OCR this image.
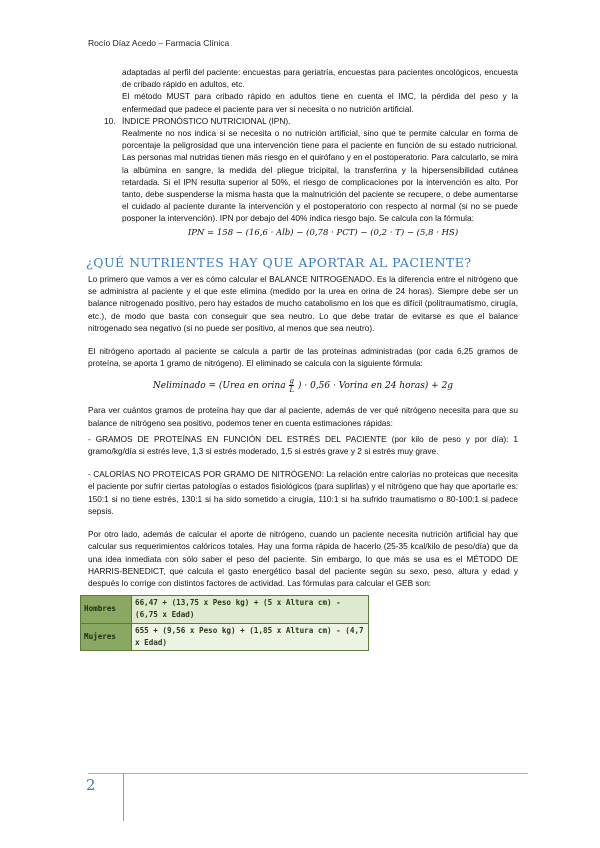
Rocío Díaz Acedo – Farmacia Clínica

adaptadas al perfil del paciente: encuestas para geriatría, encuestas para pacientes oncológicos, encuesta de cribado rápido en adultos, etc.

El método MUST para cribado rápido en adultos tiene en cuenta el IMC, la pérdida del peso y la enfermedad que padece el paciente para ver si necesita o no nutrición artificial.

10. ÍNDICE PRONÓSTICO NUTRICIONAL (IPN).

Realmente no nos indica si se necesita o no nutrición artificial, sino que te permite calcular en forma de porcentaje la peligrosidad que una intervención tiene para el paciente en función de su estado nutricional. Las personas mal nutridas tienen más riesgo en el quirófano y en el postoperatorio. Para calcularlo, se mira la albúmina en sangre, la medida del pliegue tricipital, la transferrina y la hipersensibilidad cutánea retardada. Si el IPN resulta superior al 50%, el riesgo de complicaciones por la intervención es alto. Por tanto, debe suspenderse la misma hasta que la malnutrición del paciente se recupere, o debe aumentarse el cuidado al paciente durante la intervención y el postoperatorio con respecto al normal (si no se puede posponer la intervención). IPN por debajo del 40% indica riesgo bajo. Se calcula con la fórmula:

IPN = 158 − (16,6 · Alb) − (0,78 · PCT) − (0,2 · T) − (5,8 · HS)
¿QUÉ NUTRIENTES HAY QUE APORTAR AL PACIENTE?

Lo primero que vamos a ver es cómo calcular el BALANCE NITROGENADO. Es la diferencia entre el nitrógeno que se administra al paciente y el que este elimina (medido por la urea en orina de 24 horas). Siempre debe ser un balance nitrogenado positivo, pero hay estados de mucho catabolismo en los que es difícil (politraumatismo, cirugía, etc.), de modo que basta con conseguir que sea neutro. Lo que debe tratar de evitarse es que el balance nitrogenado sea negativo (si no puede ser positivo, al menos que sea neutro).

El nitrógeno aportado al paciente se calcula a partir de las proteínas administradas (por cada 6,25 gramos de proteína, se aporta 1 gramo de nitrógeno). El eliminado se calcula con la siguiente fórmula:

Neliminado = (Urea en orina $\frac{g}{L}$ ) · 0,56 · Vorina en 24 horas) + 2g

Para ver cuántos gramos de proteína hay que dar al paciente, además de ver qué nitrógeno necesita para que su balance de nitrógeno sea positivo, podemos tener en cuenta estimaciones rápidas:

- GRAMOS DE PROTEÍNAS EN FUNCIÓN DEL ESTRÉS DEL PACIENTE (por kilo de peso y por día): 1 gramo/kg/día si estrés leve, 1,3 si estrés moderado, 1,5 si estrés grave y 2 si estrés muy grave.

- CALORÍAS NO PROTEICAS POR GRAMO DE NITRÓGENO: La relación entre calorías no proteicas que necesita el paciente por sufrir ciertas patologías o estados fisiológicos (para suplirlas) y el nitrógeno que hay que aportarle es: 150:1 si no tiene estrés, 130:1 si ha sido sometido a cirugía, 110:1 si ha sufrido traumatismo o 80-100:1 si padece sepsis.

Por otro lado, además de calcular el aporte de nitrógeno, cuando un paciente necesita nutrición artificial hay que calcular sus requerimientos calóricos totales. Hay una forma rápida de hacerlo (25-35 kcal/kilo de peso/día) que da una idea inmediata con sólo saber el peso del paciente. Sin embargo, lo que más se usa es el MÉTODO DE HARRIS-BENEDICT, que calcula el gasto energético basal del paciente según su sexo, peso, altura y edad y después lo corrige con distintos factores de actividad. Las fórmulas para calcular el GEB son:

Hombres	66,47 + (13,75 x Peso kg) + (5 x Altura cm) - (6,75 x Edad)
Mujeres	655 + (9,56 x Peso kg) + (1,85 x Altura cm) - (4,7 x Edad)
2
